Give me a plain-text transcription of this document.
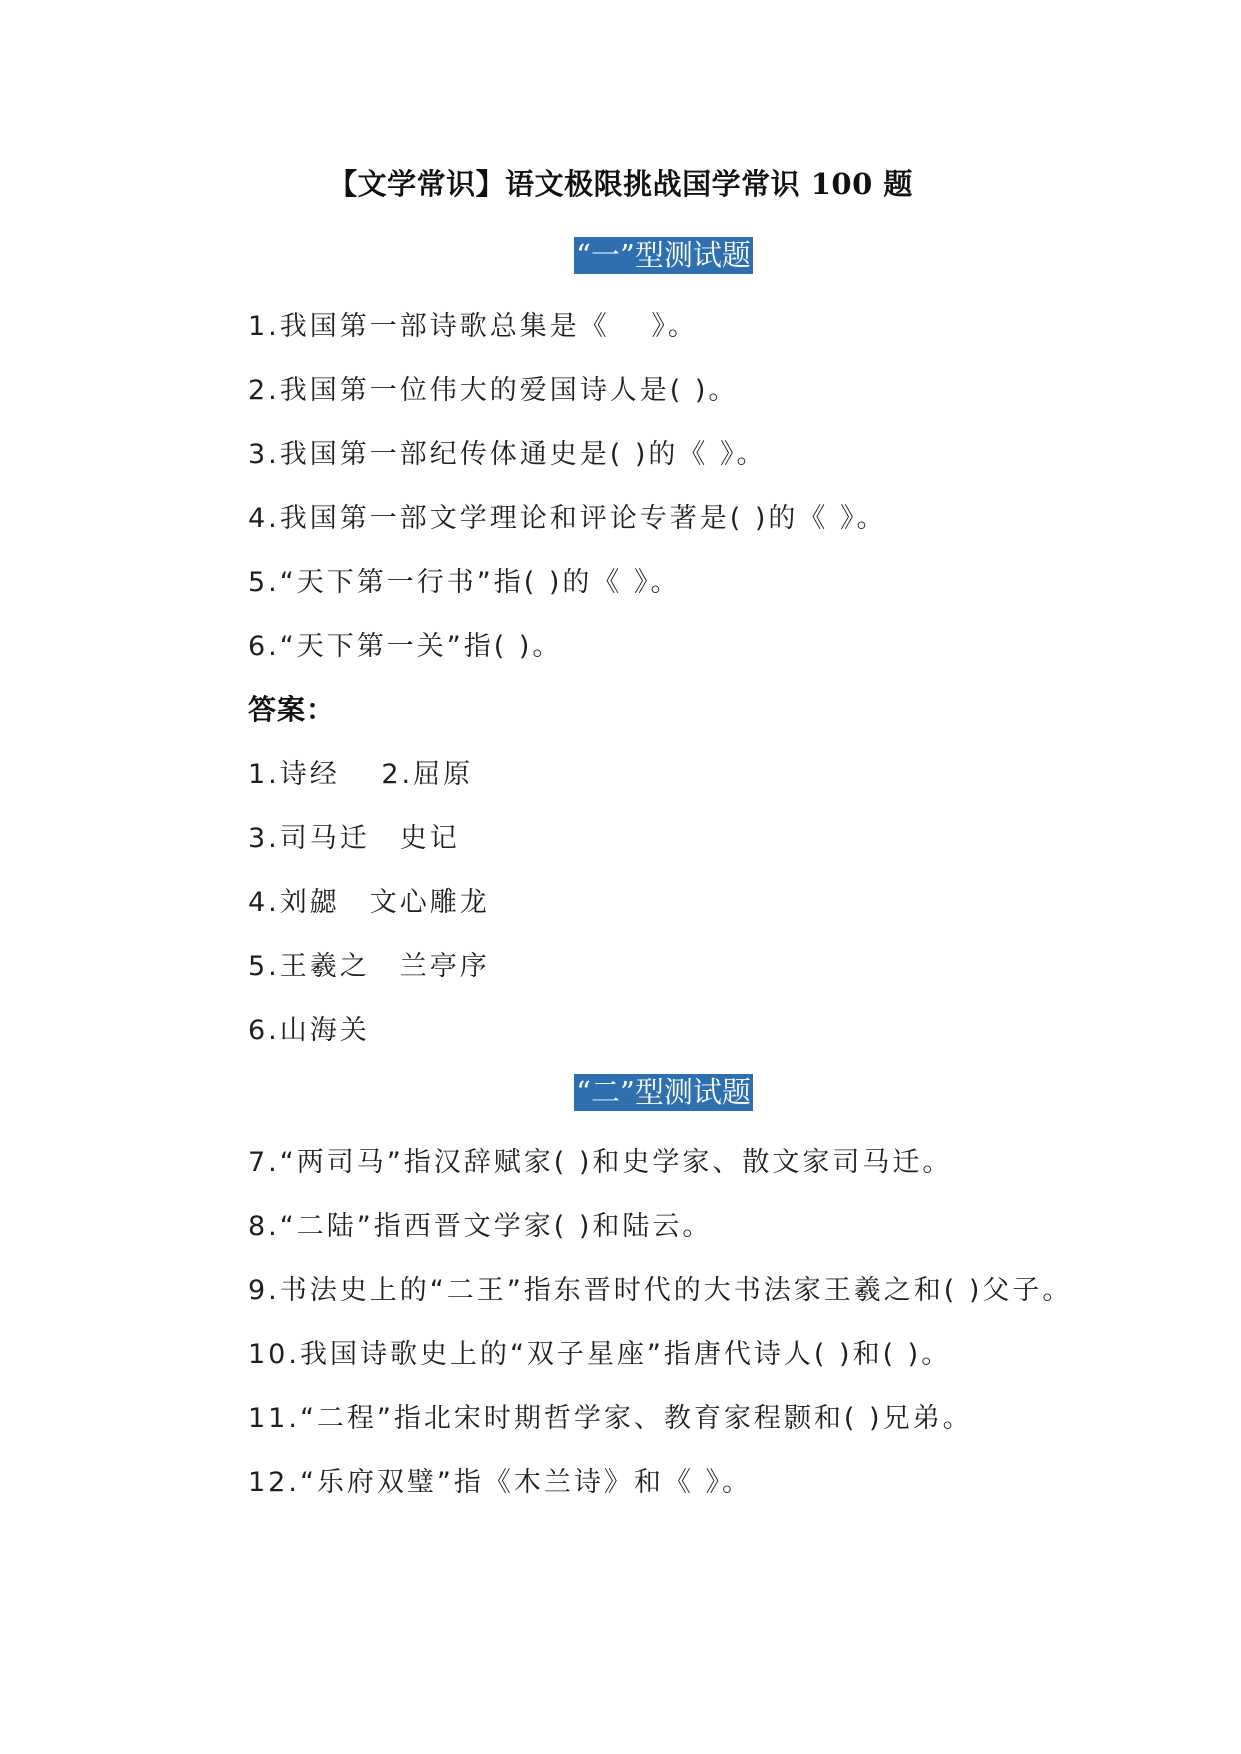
【文学常识】语文极限挑战国学常识 100 题
“一”型测试题
1.我国第一部诗歌总集是《　 》。
2.我国第一位伟大的爱国诗人是( )。
3.我国第一部纪传体通史是( )的《 》。
4.我国第一部文学理论和评论专著是( )的《 》。
5.“天下第一行书”指( )的《 》。
6.“天下第一关”指( )。
答案：
1.诗经　 2.屈原
3.司马迁　史记
4.刘勰　文心雕龙
5.王羲之　兰亭序
6.山海关
“二”型测试题
7.“两司马”指汉辞赋家( )和史学家、散文家司马迁。
8.“二陆”指西晋文学家( )和陆云。
9.书法史上的“二王”指东晋时代的大书法家王羲之和( )父子。
10.我国诗歌史上的“双子星座”指唐代诗人( )和( )。
11.“二程”指北宋时期哲学家、教育家程颢和( )兄弟。
12.“乐府双璧”指《木兰诗》和《 》。
